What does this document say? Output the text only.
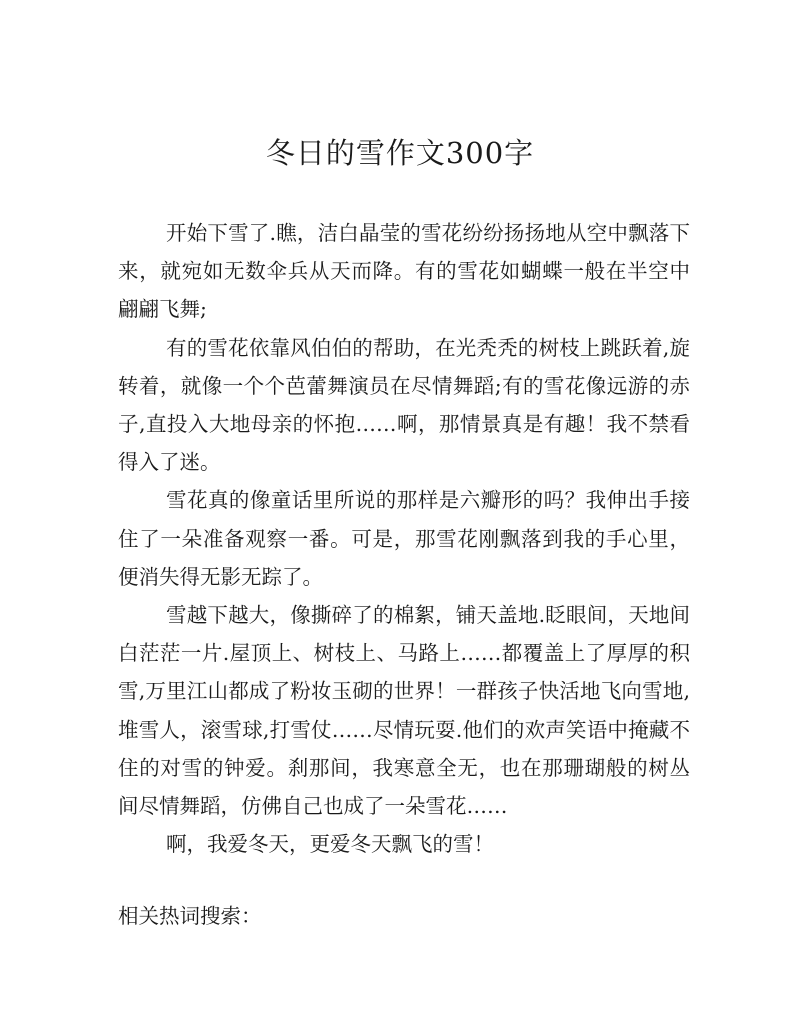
冬日的雪作文300字

开始下雪了.瞧，洁白晶莹的雪花纷纷扬扬地从空中飘落下来，就宛如无数伞兵从天而降。有的雪花如蝴蝶一般在半空中翩翩飞舞;

有的雪花依靠风伯伯的帮助，在光秃秃的树枝上跳跃着,旋转着，就像一个个芭蕾舞演员在尽情舞蹈;有的雪花像远游的赤子,直投入大地母亲的怀抱……啊，那情景真是有趣！我不禁看得入了迷。

雪花真的像童话里所说的那样是六瓣形的吗？我伸出手接住了一朵准备观察一番。可是，那雪花刚飘落到我的手心里，便消失得无影无踪了。

雪越下越大，像撕碎了的棉絮，铺天盖地.眨眼间，天地间白茫茫一片.屋顶上、树枝上、马路上……都覆盖上了厚厚的积雪,万里江山都成了粉妆玉砌的世界！一群孩子快活地飞向雪地,堆雪人，滚雪球,打雪仗……尽情玩耍.他们的欢声笑语中掩藏不住的对雪的钟爱。刹那间，我寒意全无，也在那珊瑚般的树丛间尽情舞蹈，仿佛自己也成了一朵雪花……

啊，我爱冬天，更爱冬天飘飞的雪！

相关热词搜索：
